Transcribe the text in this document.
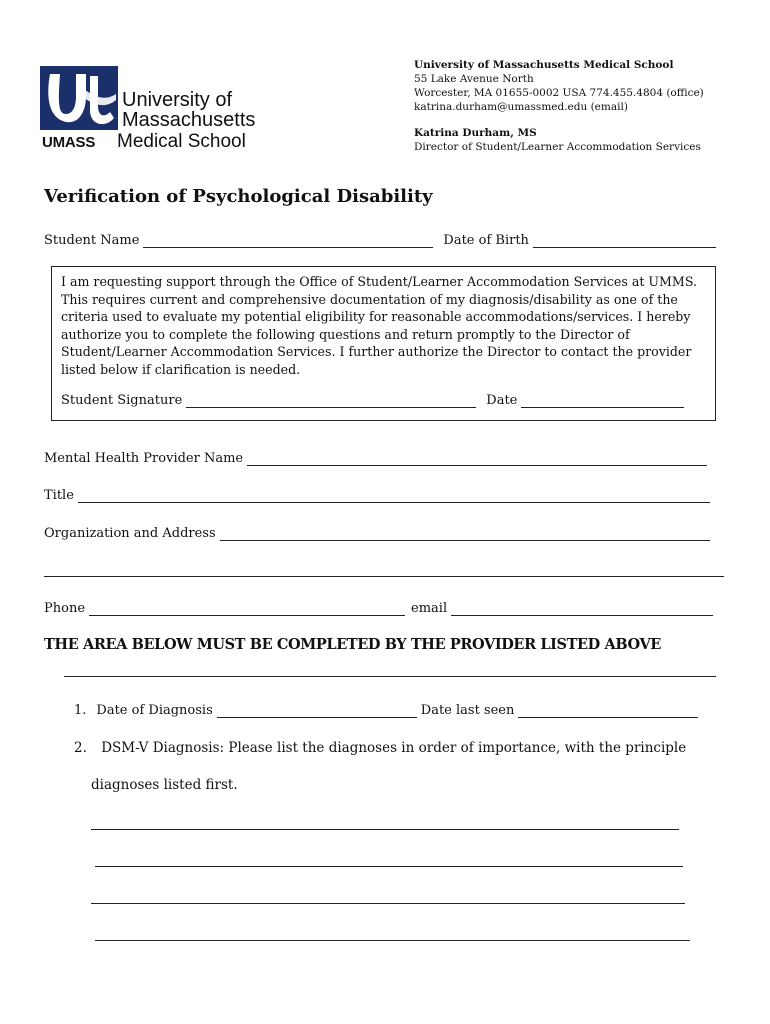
University of
Massachusetts
UMASS Medical School
University of Massachusetts Medical School
55 Lake Avenue North
Worcester, MA 01655-0002 USA 774.455.4804 (office)
katrina.durham@umassmed.edu (email)
Katrina Durham, MS
Director of Student/Learner Accommodation Services
Verification of Psychological Disability
Student Name	Date of Birth

I am requesting support through the Office of Student/Learner Accommodation Services at UMMS.

This requires current and comprehensive documentation of my diagnosis/disability as one of the

criteria used to evaluate my potential eligibility for reasonable accommodations/services. I hereby

authorize you to complete the following questions and return promptly to the Director of

Student/Learner Accommodation Services. I further authorize the Director to contact the provider

listed below if clarification is needed.

Student Signature	Date
Mental Health Provider Name
Title
Organization and Address
Phone	email
THE AREA BELOW MUST BE COMPLETED BY THE PROVIDER LISTED ABOVE
1. Date of Diagnosis	Date last seen
2. DSM-V Diagnosis: Please list the diagnoses in order of importance, with the principle
diagnoses listed first.
